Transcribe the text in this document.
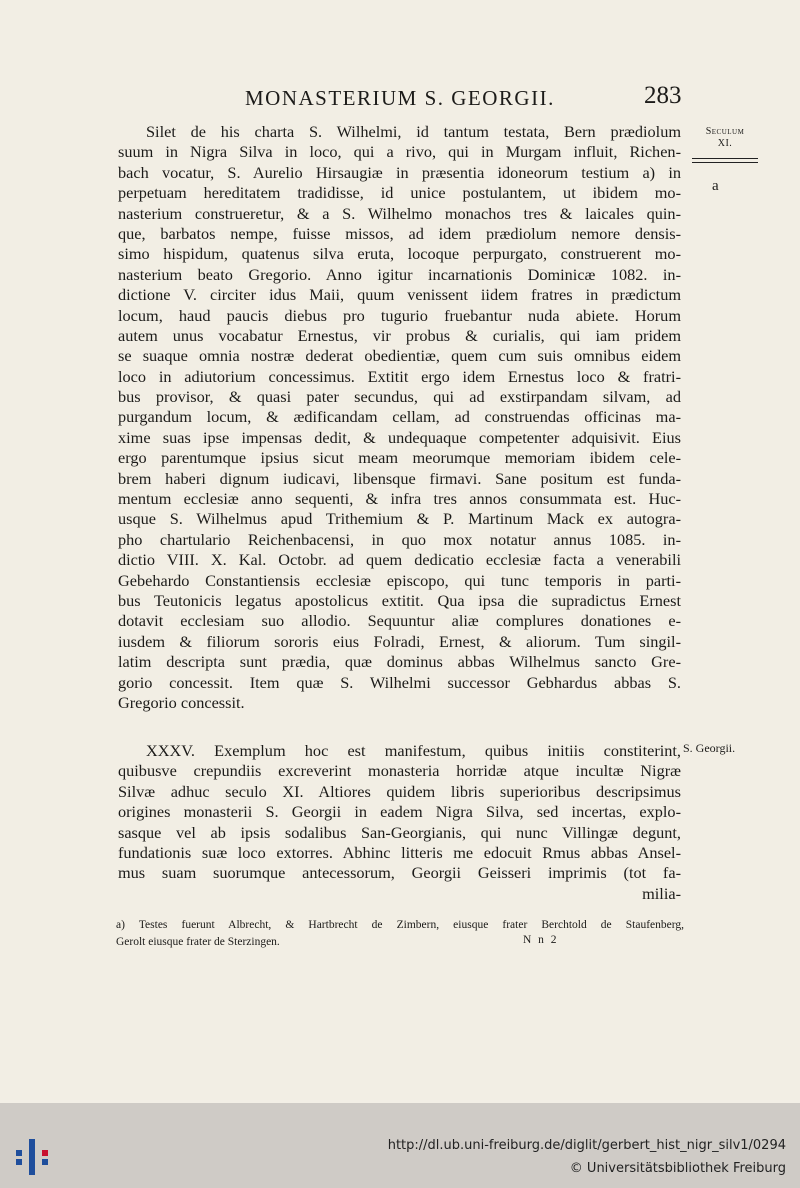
MONASTERIUM S. GEORGII.	283
Seculum
XI.
a
Silet de his charta S. Wilhelmi, id tantum testata, Bern prædiolum
suum in Nigra Silva in loco, qui a rivo, qui in Murgam influit, Richen-
bach vocatur, S. Aurelio Hirsaugiæ in præsentia idoneorum testium a) in
perpetuam hereditatem tradidisse, id unice postulantem, ut ibidem mo-
nasterium construeretur, & a S. Wilhelmo monachos tres & laicales quin-
que, barbatos nempe, fuisse missos, ad idem prædiolum nemore densis-
simo hispidum, quatenus silva eruta, locoque perpurgato, construerent mo-
nasterium beato Gregorio. Anno igitur incarnationis Dominicæ 1082. in-
dictione V. circiter idus Maii, quum venissent iidem fratres in prædictum
locum, haud paucis diebus pro tugurio fruebantur nuda abiete. Horum
autem unus vocabatur Ernestus, vir probus & curialis, qui iam pridem
se suaque omnia nostræ dederat obedientiæ, quem cum suis omnibus eidem
loco in adiutorium concessimus. Extitit ergo idem Ernestus loco & fratri-
bus provisor, & quasi pater secundus, qui ad exstirpandam silvam, ad
purgandum locum, & ædificandam cellam, ad construendas officinas ma-
xime suas ipse impensas dedit, & undequaque competenter adquisivit. Eius
ergo parentumque ipsius sicut meam meorumque memoriam ibidem cele-
brem haberi dignum iudicavi, libensque firmavi. Sane positum est funda-
mentum ecclesiæ anno sequenti, & infra tres annos consummata est. Huc-
usque S. Wilhelmus apud Trithemium & P. Martinum Mack ex autogra-
pho chartulario Reichenbacensi, in quo mox notatur annus 1085. in-
dictio VIII. X. Kal. Octobr. ad quem dedicatio ecclesiæ facta a venerabili
Gebehardo Constantiensis ecclesiæ episcopo, qui tunc temporis in parti-
bus Teutonicis legatus apostolicus extitit. Qua ipsa die supradictus Ernest
dotavit ecclesiam suo allodio. Sequuntur aliæ complures donationes e-
iusdem & filiorum sororis eius Folradi, Ernest, & aliorum. Tum singil-
latim descripta sunt prædia, quæ dominus abbas Wilhelmus sancto Gre-
gorio concessit. Item quæ S. Wilhelmi successor Gebhardus abbas S.
Gregorio concessit.
S. Georgii.
XXXV. Exemplum hoc est manifestum, quibus initiis constiterint,
quibusve crepundiis excreverint monasteria horridæ atque incultæ Nigræ
Silvæ adhuc seculo XI. Altiores quidem libris superioribus descripsimus
origines monasterii S. Georgii in eadem Nigra Silva, sed incertas, explo-
sasque vel ab ipsis sodalibus San-Georgianis, qui nunc Villingæ degunt,
fundationis suæ loco extorres. Abhinc litteris me edocuit Rmus abbas Ansel-
mus suam suorumque antecessorum, Georgii Geisseri imprimis (tot fa-
milia-
a) Testes fuerunt Albrecht, & Hartbrecht de Zimbern, eiusque frater Berchtold de Staufenberg,
Gerolt eiusque frater de Sterzingen.	N n 2
http://dl.ub.uni-freiburg.de/diglit/gerbert_hist_nigr_silv1/0294
© Universitätsbibliothek Freiburg
